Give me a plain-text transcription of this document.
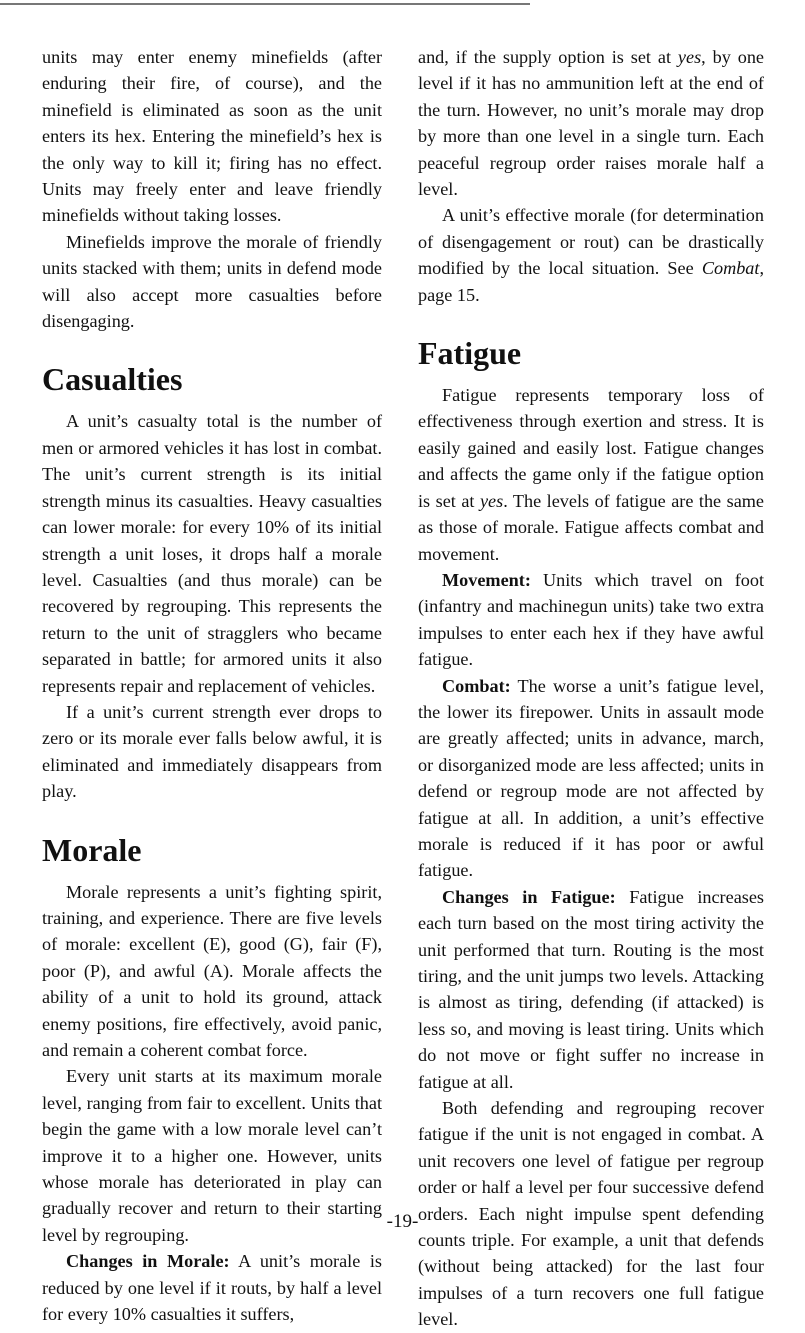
units may enter enemy minefields (after enduring their fire, of course), and the minefield is eliminated as soon as the unit enters its hex. Entering the minefield’s hex is the only way to kill it; firing has no effect. Units may freely enter and leave friendly minefields without taking losses.

Minefields improve the morale of friendly units stacked with them; units in defend mode will also accept more casualties before disengaging.

Casualties

A unit’s casualty total is the number of men or armored vehicles it has lost in combat. The unit’s current strength is its initial strength minus its casualties. Heavy casualties can lower morale: for every 10% of its initial strength a unit loses, it drops half a morale level. Casualties (and thus morale) can be recovered by regrouping. This represents the return to the unit of stragglers who became separated in battle; for armored units it also represents repair and replacement of vehicles.

If a unit’s current strength ever drops to zero or its morale ever falls below awful, it is eliminated and immediately disappears from play.

Morale

Morale represents a unit’s fighting spirit, training, and experience. There are five levels of morale: excellent (E), good (G), fair (F), poor (P), and awful (A). Morale affects the ability of a unit to hold its ground, attack enemy positions, fire effectively, avoid panic, and remain a coherent combat force.

Every unit starts at its maximum morale level, ranging from fair to excellent. Units that begin the game with a low morale level can’t improve it to a higher one. However, units whose morale has deteriorated in play can gradually recover and return to their starting level by regrouping.

Changes in Morale: A unit’s morale is reduced by one level if it routs, by half a level for every 10% casualties it suffers,

and, if the supply option is set at yes, by one level if it has no ammunition left at the end of the turn. However, no unit’s morale may drop by more than one level in a single turn. Each peaceful regroup order raises morale half a level.

A unit’s effective morale (for determination of disengagement or rout) can be drastically modified by the local situation. See Combat, page 15.

Fatigue

Fatigue represents temporary loss of effectiveness through exertion and stress. It is easily gained and easily lost. Fatigue changes and affects the game only if the fatigue option is set at yes. The levels of fatigue are the same as those of morale. Fatigue affects combat and movement.

Movement: Units which travel on foot (infantry and machinegun units) take two extra impulses to enter each hex if they have awful fatigue.

Combat: The worse a unit’s fatigue level, the lower its firepower. Units in assault mode are greatly affected; units in advance, march, or disorganized mode are less affected; units in defend or regroup mode are not affected by fatigue at all. In addition, a unit’s effective morale is reduced if it has poor or awful fatigue.

Changes in Fatigue: Fatigue increases each turn based on the most tiring activity the unit performed that turn. Routing is the most tiring, and the unit jumps two levels. Attacking is almost as tiring, defending (if attacked) is less so, and moving is least tiring. Units which do not move or fight suffer no increase in fatigue at all.

Both defending and regrouping recover fatigue if the unit is not engaged in combat. A unit recovers one level of fatigue per regroup order or half a level per four successive defend orders. Each night impulse spent defending counts triple. For example, a unit that defends (without being attacked) for the last four impulses of a turn recovers one full fatigue level.

-19-
